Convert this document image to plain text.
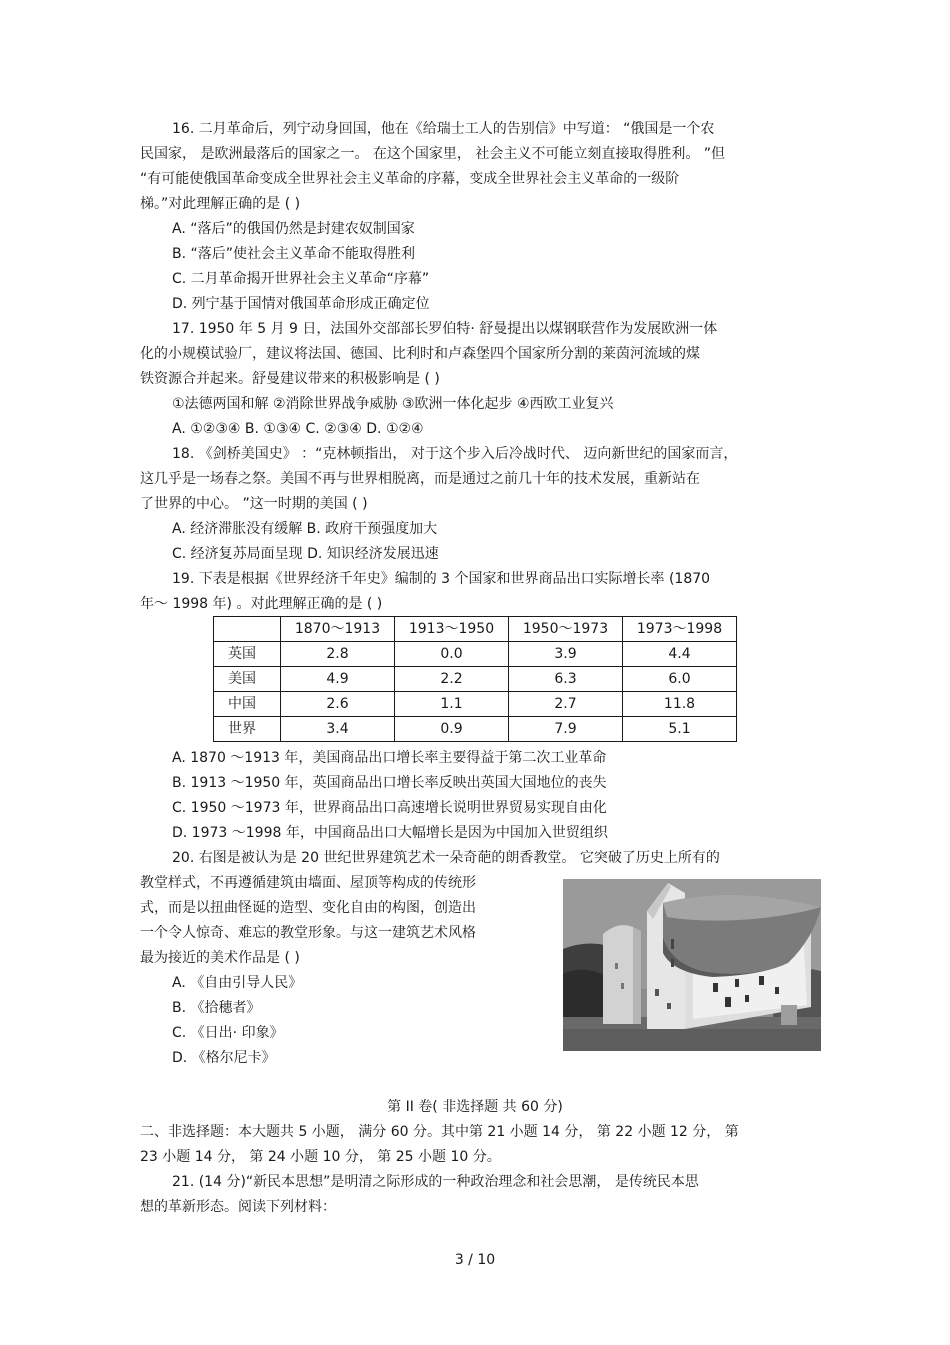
16. 二月革命后，列宁动身回国，他在《给瑞士工人的告别信》中写道： “俄国是一个农
民国家， 是欧洲最落后的国家之一。 在这个国家里， 社会主义不可能立刻直接取得胜利。 ”但
“有可能使俄国革命变成全世界社会主义革命的序幕，变成全世界社会主义革命的一级阶
梯。”对此理解正确的是 ( )
A. “落后”的俄国仍然是封建农奴制国家
B. “落后”使社会主义革命不能取得胜利
C. 二月革命揭开世界社会主义革命“序幕”
D. 列宁基于国情对俄国革命形成正确定位
17. 1950 年 5 月 9 日，法国外交部部长罗伯特· 舒曼提出以煤钢联营作为发展欧洲一体
化的小规模试验厂，建议将法国、德国、比利时和卢森堡四个国家所分割的莱茵河流域的煤
铁资源合并起来。舒曼建议带来的积极影响是 ( )
①法德两国和解 ②消除世界战争威胁 ③欧洲一体化起步 ④西欧工业复兴
A. ①②③④ B. ①③④ C. ②③④ D. ①②④
18. 《剑桥美国史》 ：“克林顿指出， 对于这个步入后冷战时代、 迈向新世纪的国家而言，
这几乎是一场春之祭。美国不再与世界相脱离，而是通过之前几十年的技术发展，重新站在
了世界的中心。 ”这一时期的美国 ( )
A. 经济滞胀没有缓解 B. 政府干预强度加大
C. 经济复苏局面呈现 D. 知识经济发展迅速
19. 下表是根据《世界经济千年史》编制的 3 个国家和世界商品出口实际增长率 (1870
年～ 1998 年) 。对此理解正确的是 ( )
	1870～1913	1913～1950	1950～1973	1973～1998
英国	2.8	0.0	3.9	4.4
美国	4.9	2.2	6.3	6.0
中国	2.6	1.1	2.7	11.8
世界	3.4	0.9	7.9	5.1
A. 1870 ～1913 年，美国商品出口增长率主要得益于第二次工业革命
B. 1913 ～1950 年，英国商品出口增长率反映出英国大国地位的丧失
C. 1950 ～1973 年，世界商品出口高速增长说明世界贸易实现自由化
D. 1973 ～1998 年，中国商品出口大幅增长是因为中国加入世贸组织
20. 右图是被认为是 20 世纪世界建筑艺术一朵奇葩的朗香教堂。 它突破了历史上所有的
教堂样式，不再遵循建筑由墙面、屋顶等构成的传统形
式，而是以扭曲怪诞的造型、变化自由的构图，创造出
一个令人惊奇、难忘的教堂形象。与这一建筑艺术风格
最为接近的美术作品是 ( )
A. 《自由引导人民》
B. 《拾穗者》
C. 《日出· 印象》
D. 《格尔尼卡》
第 II 卷( 非选择题 共 60 分)
二、非选择题：本大题共 5 小题， 满分 60 分。其中第 21 小题 14 分， 第 22 小题 12 分， 第
23 小题 14 分， 第 24 小题 10 分， 第 25 小题 10 分。
21. (14 分)“新民本思想”是明清之际形成的一种政治理念和社会思潮， 是传统民本思
想的革新形态。阅读下列材料：
3 / 10
